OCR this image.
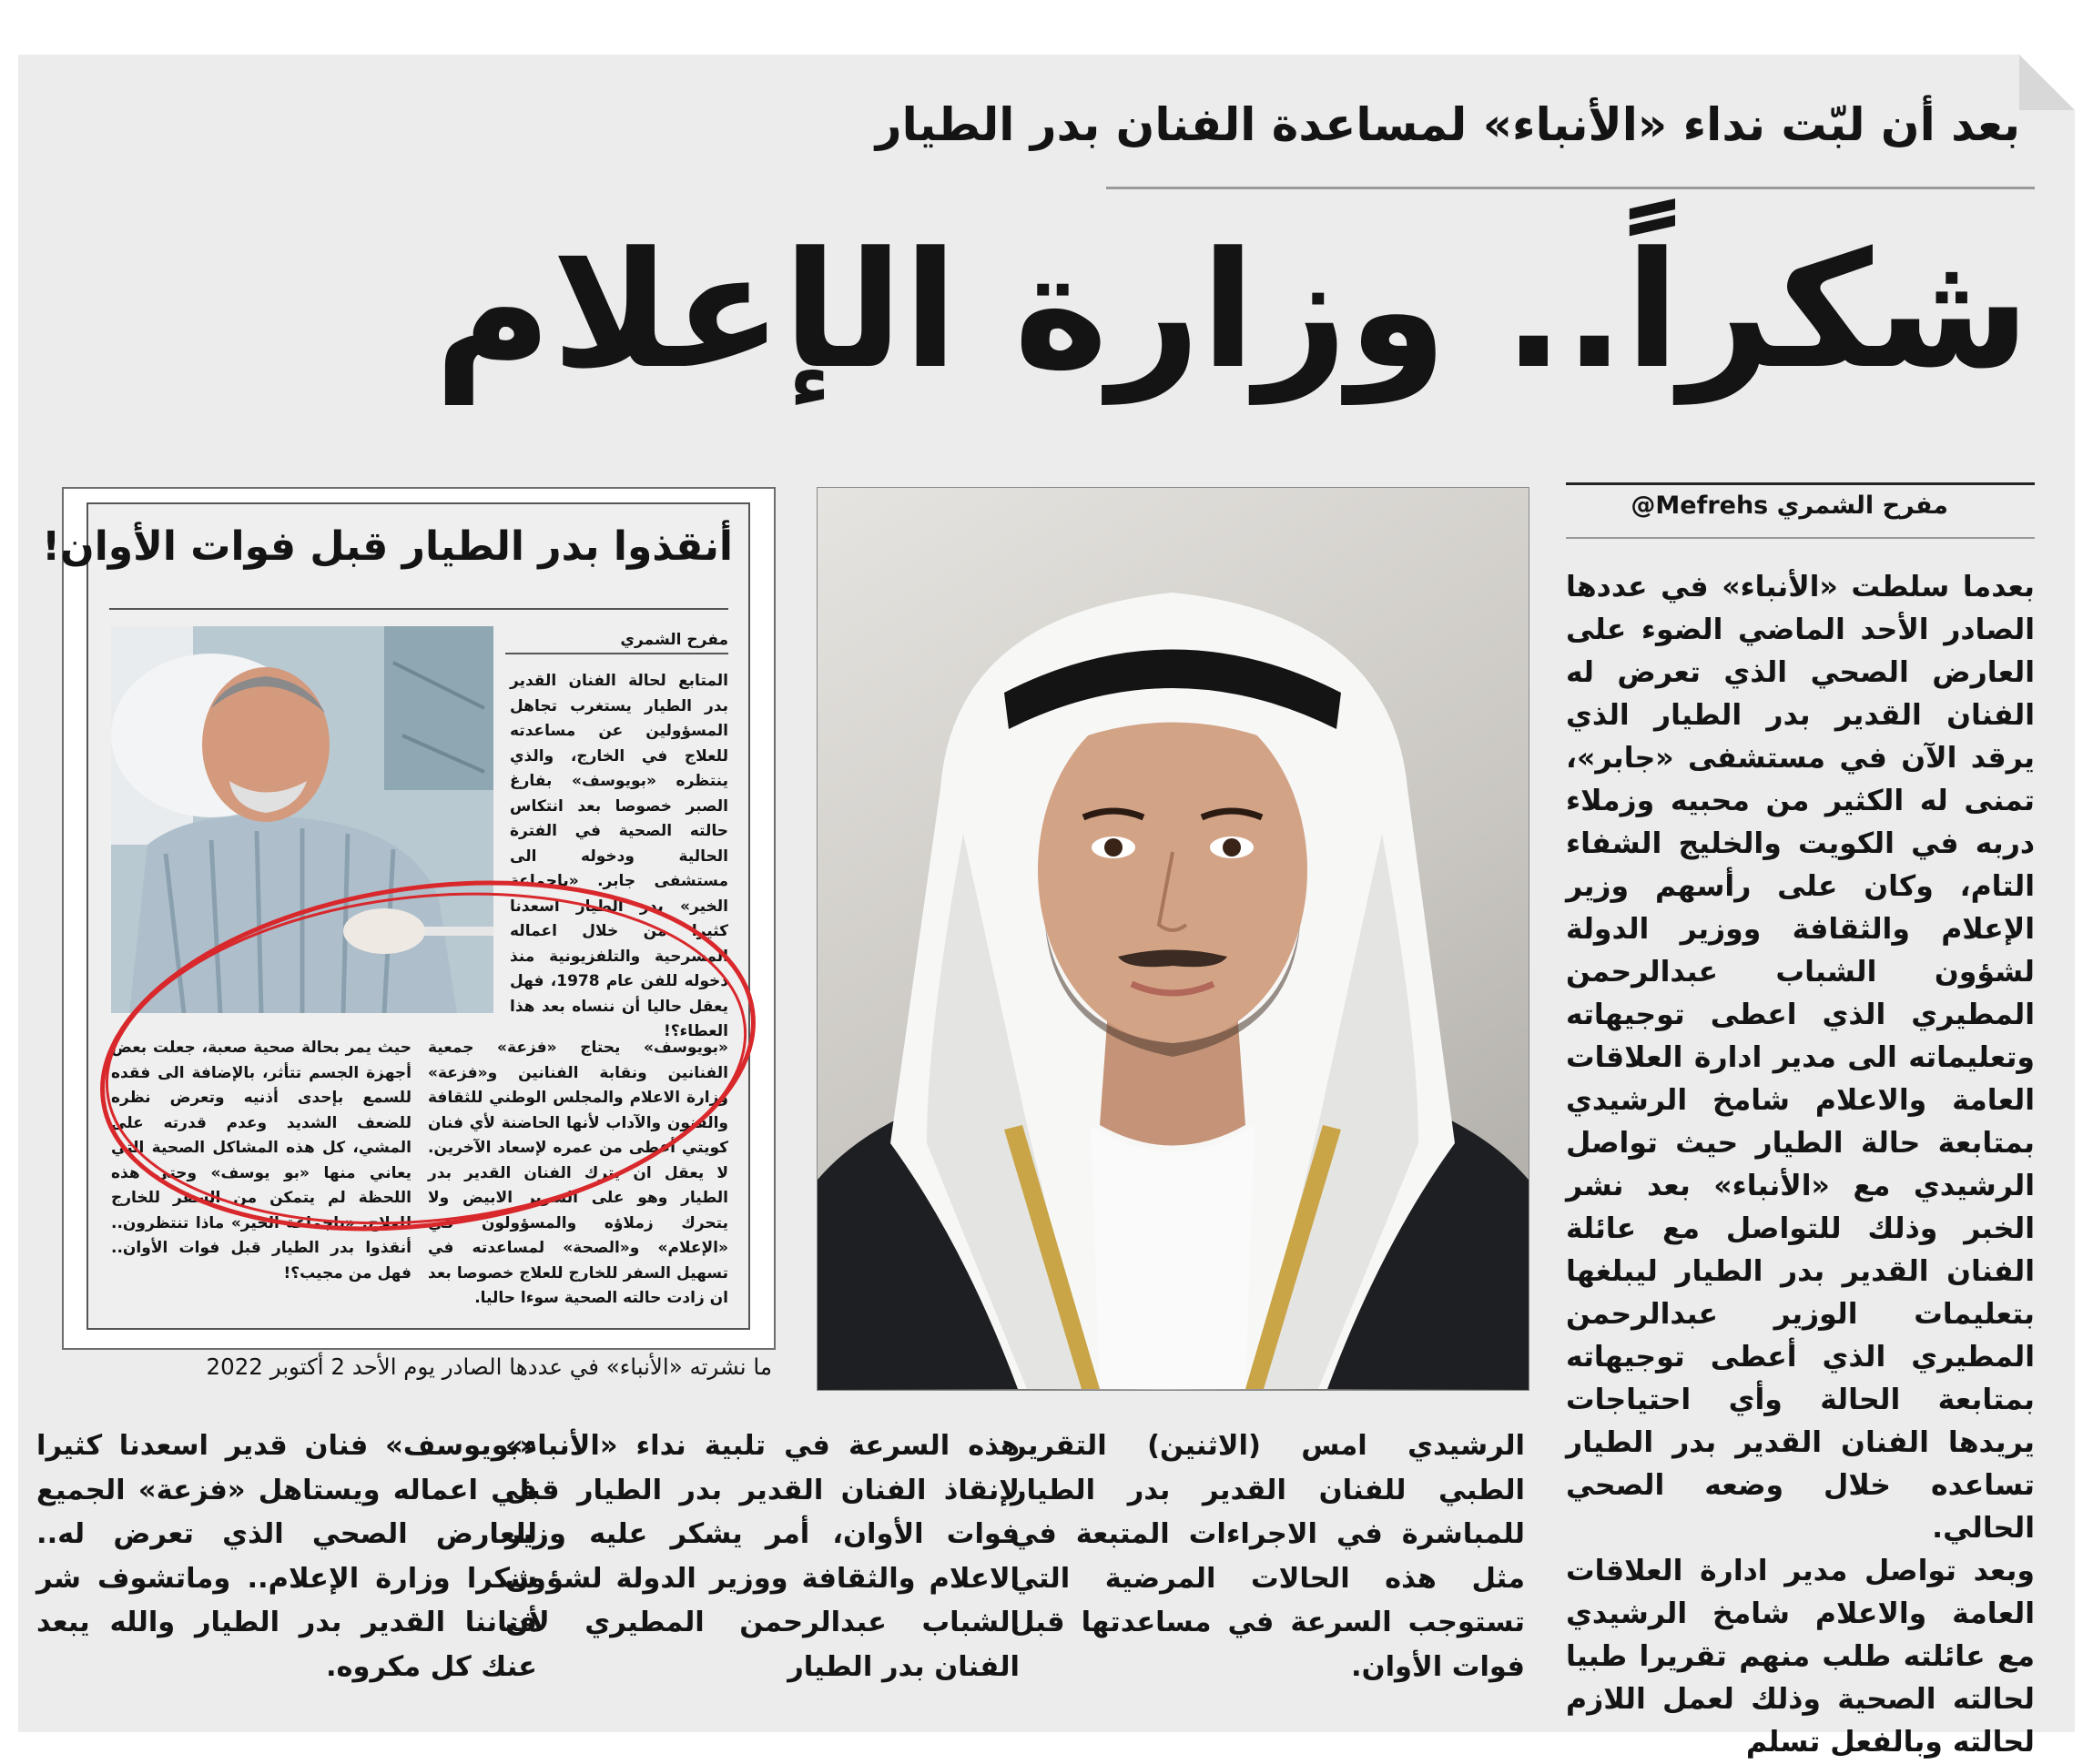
بعد أن لبّت نداء «الأنباء» لمساعدة الفنان بدر الطيار
شكراً.. وزارة الإعلام
مفرح الشمري @Mefrehs
بعدما سلطت «الأنباء» في عددها الصادر الأحد الماضي الضوء على العارض الصحي الذي تعرض له الفنان القدير بدر الطيار الذي يرقد الآن في مستشفى «جابر»، تمنى له الكثير من محبيه وزملاء دربه في الكويت والخليج الشفاء التام، وكان على رأسهم وزير الإعلام والثقافة ووزير الدولة لشؤون الشباب عبدالرحمن المطيري الذي اعطى توجيهاته وتعليماته الى مدير ادارة العلاقات العامة والاعلام شامخ الرشيدي بمتابعة حالة الطيار حيث تواصل الرشيدي مع «الأنباء» بعد نشر الخبر وذلك للتواصل مع عائلة الفنان القدير بدر الطيار ليبلغها بتعليمات الوزير عبدالرحمن المطيري الذي أعطى توجيهاته بمتابعة الحالة وأي احتياجات يريدها الفنان القدير بدر الطيار تساعده خلال وضعه الصحي الحالي.
وبعد تواصل مدير ادارة العلاقات العامة والاعلام شامخ الرشيدي مع عائلته طلب منهم تقريرا طبيا لحالته الصحية وذلك لعمل اللازم لحالته وبالفعل تسلم
الرشيدي امس (الاثنين) التقرير الطبي للفنان القدير بدر الطيار للمباشرة في الاجراءات المتبعة في مثل هذه الحالات المرضية التي تستوجب السرعة في مساعدتها قبل فوات الأوان.
هذه السرعة في تلبية نداء «الأنباء» لإنقاذ الفنان القدير بدر الطيار قبل فوات الأوان، أمر يشكر عليه وزير الاعلام والثقافة ووزير الدولة لشؤون الشباب عبدالرحمن المطيري لأن الفنان بدر الطيار
«بويوسف» فنان قدير اسعدنا كثيرا في اعماله ويستاهل «فزعة» الجميع للعارض الصحي الذي تعرض له.. شكرا وزارة الإعلام.. وماتشوف شر فناننا القدير بدر الطيار والله يبعد عنك كل مكروه.
أنقذوا بدر الطيار قبل فوات الأوان!
مفرح الشمري
المتابع لحالة الفنان القدير بدر الطيار يستغرب تجاهل المسؤولين عن مساعدته للعلاج في الخارج، والذي ينتظره «بويوسف» بفارغ الصبر خصوصا بعد انتكاس حالته الصحية في الفترة الحالية ودخوله الى مستشفى جابر. «ياجماعة الخير» بدر الطيار اسعدنا كثيرا من خلال اعماله المسرحية والتلفزيونية منذ دخوله للفن عام 1978، فهل يعقل حاليا أن ننساه بعد هذا العطاء؟!
«بويوسف» يحتاج «فزعة» جمعية الفنانين ونقابة الفنانين و«فزعة» وزارة الاعلام والمجلس الوطني للثقافة والفنون والآداب لأنها الحاضنة لأي فنان كويتي أعطى من عمره لإسعاد الآخرين. لا يعقل ان يترك الفنان القدير بدر الطيار وهو على السرير الابيض ولا يتحرك زملاؤه والمسؤولون في «الإعلام» و«الصحة» لمساعدته في تسهيل السفر للخارج للعلاج خصوصا بعد ان زادت حالته الصحية سوءا حاليا.
حيث يمر بحالة صحية صعبة، جعلت بعض أجهزة الجسم تتأثر، بالإضافة الى فقده للسمع بإحدى أذنيه وتعرض نظره للضعف الشديد وعدم قدرته على المشي، كل هذه المشاكل الصحية التي يعاني منها «بو يوسف» وحتى هذه اللحظة لم يتمكن من السفر للخارج للعلاج. «ياجماعة الخير» ماذا تنتظرون.. أنقذوا بدر الطيار قبل فوات الأوان.. فهل من مجيب؟!
ما نشرته «الأنباء» في عددها الصادر يوم الأحد 2 أكتوبر 2022
